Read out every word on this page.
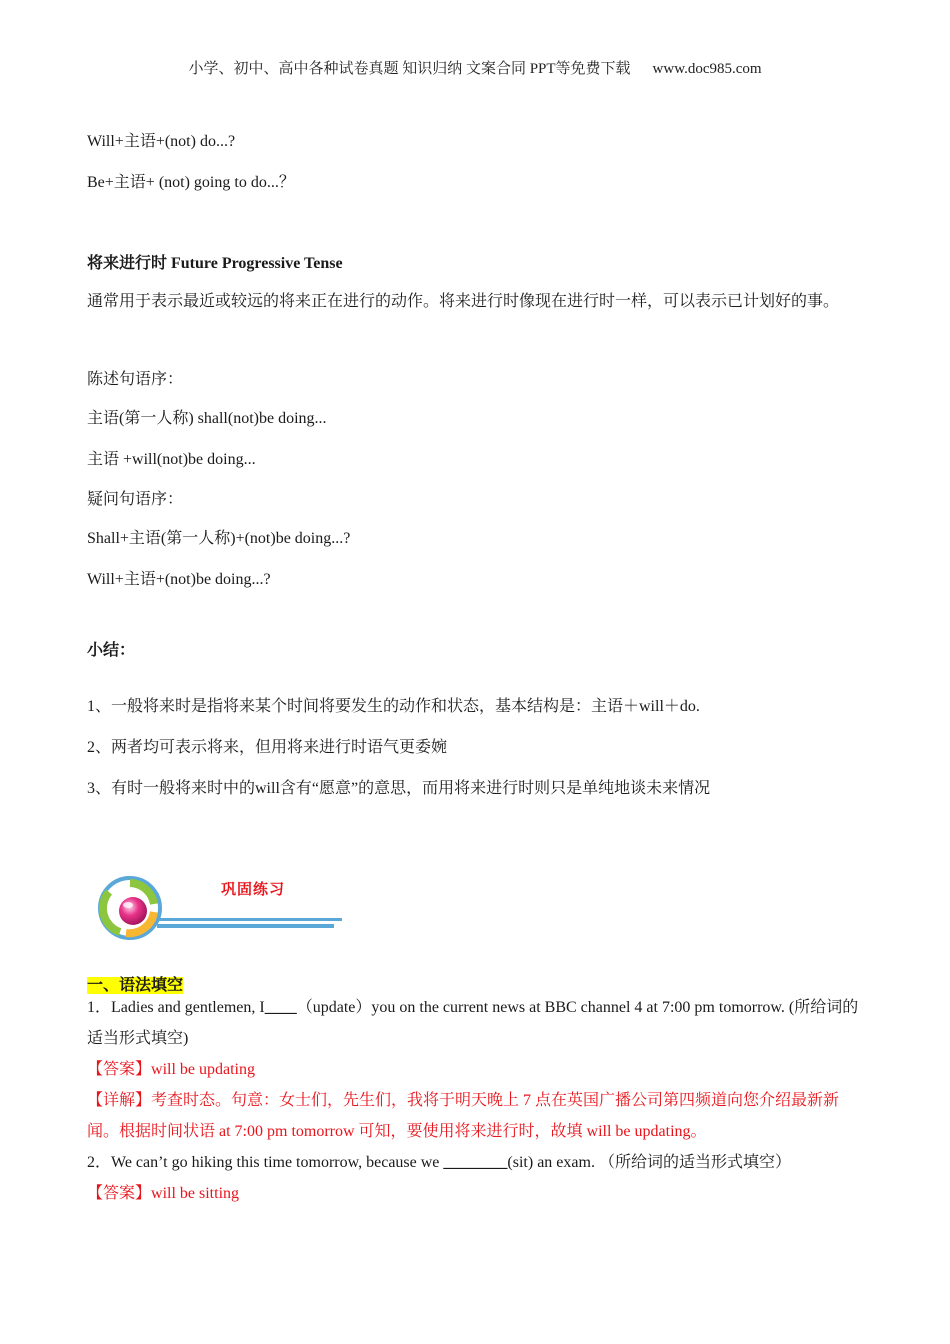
小学、初中、高中各种试卷真题 知识归纳 文案合同 PPT等免费下载 www.doc985.com
Will+主语+(not) do...?
Be+主语+ (not) going to do...？
将来进行时 Future Progressive Tense
通常用于表示最近或较远的将来正在进行的动作。将来进行时像现在进行时一样，可以表示已计划好的事。
陈述句语序：
主语(第一人称) shall(not)be doing...
主语 +will(not)be doing...
疑问句语序：
Shall+主语(第一人称)+(not)be doing...?
Will+主语+(not)be doing...?
小结：
1、一般将来时是指将来某个时间将要发生的动作和状态，基本结构是：主语＋will＋do.
2、两者均可表示将来，但用将来进行时语气更委婉
3、有时一般将来时中的will含有“愿意”的意思，而用将来进行时则只是单纯地谈未来情况
巩固练习
一、语法填空
1．Ladies and gentlemen, I____（update）you on the current news at BBC channel 4 at 7:00 pm tomorrow. (所给词的适当形式填空)
【答案】will be updating
【详解】考查时态。句意：女士们，先生们，我将于明天晚上 7 点在英国广播公司第四频道向您介绍最新新闻。根据时间状语 at 7:00 pm tomorrow 可知，要使用将来进行时，故填 will be updating。
2．We can’t go hiking this time tomorrow, because we ________(sit) an exam. （所给词的适当形式填空）
【答案】will be sitting
